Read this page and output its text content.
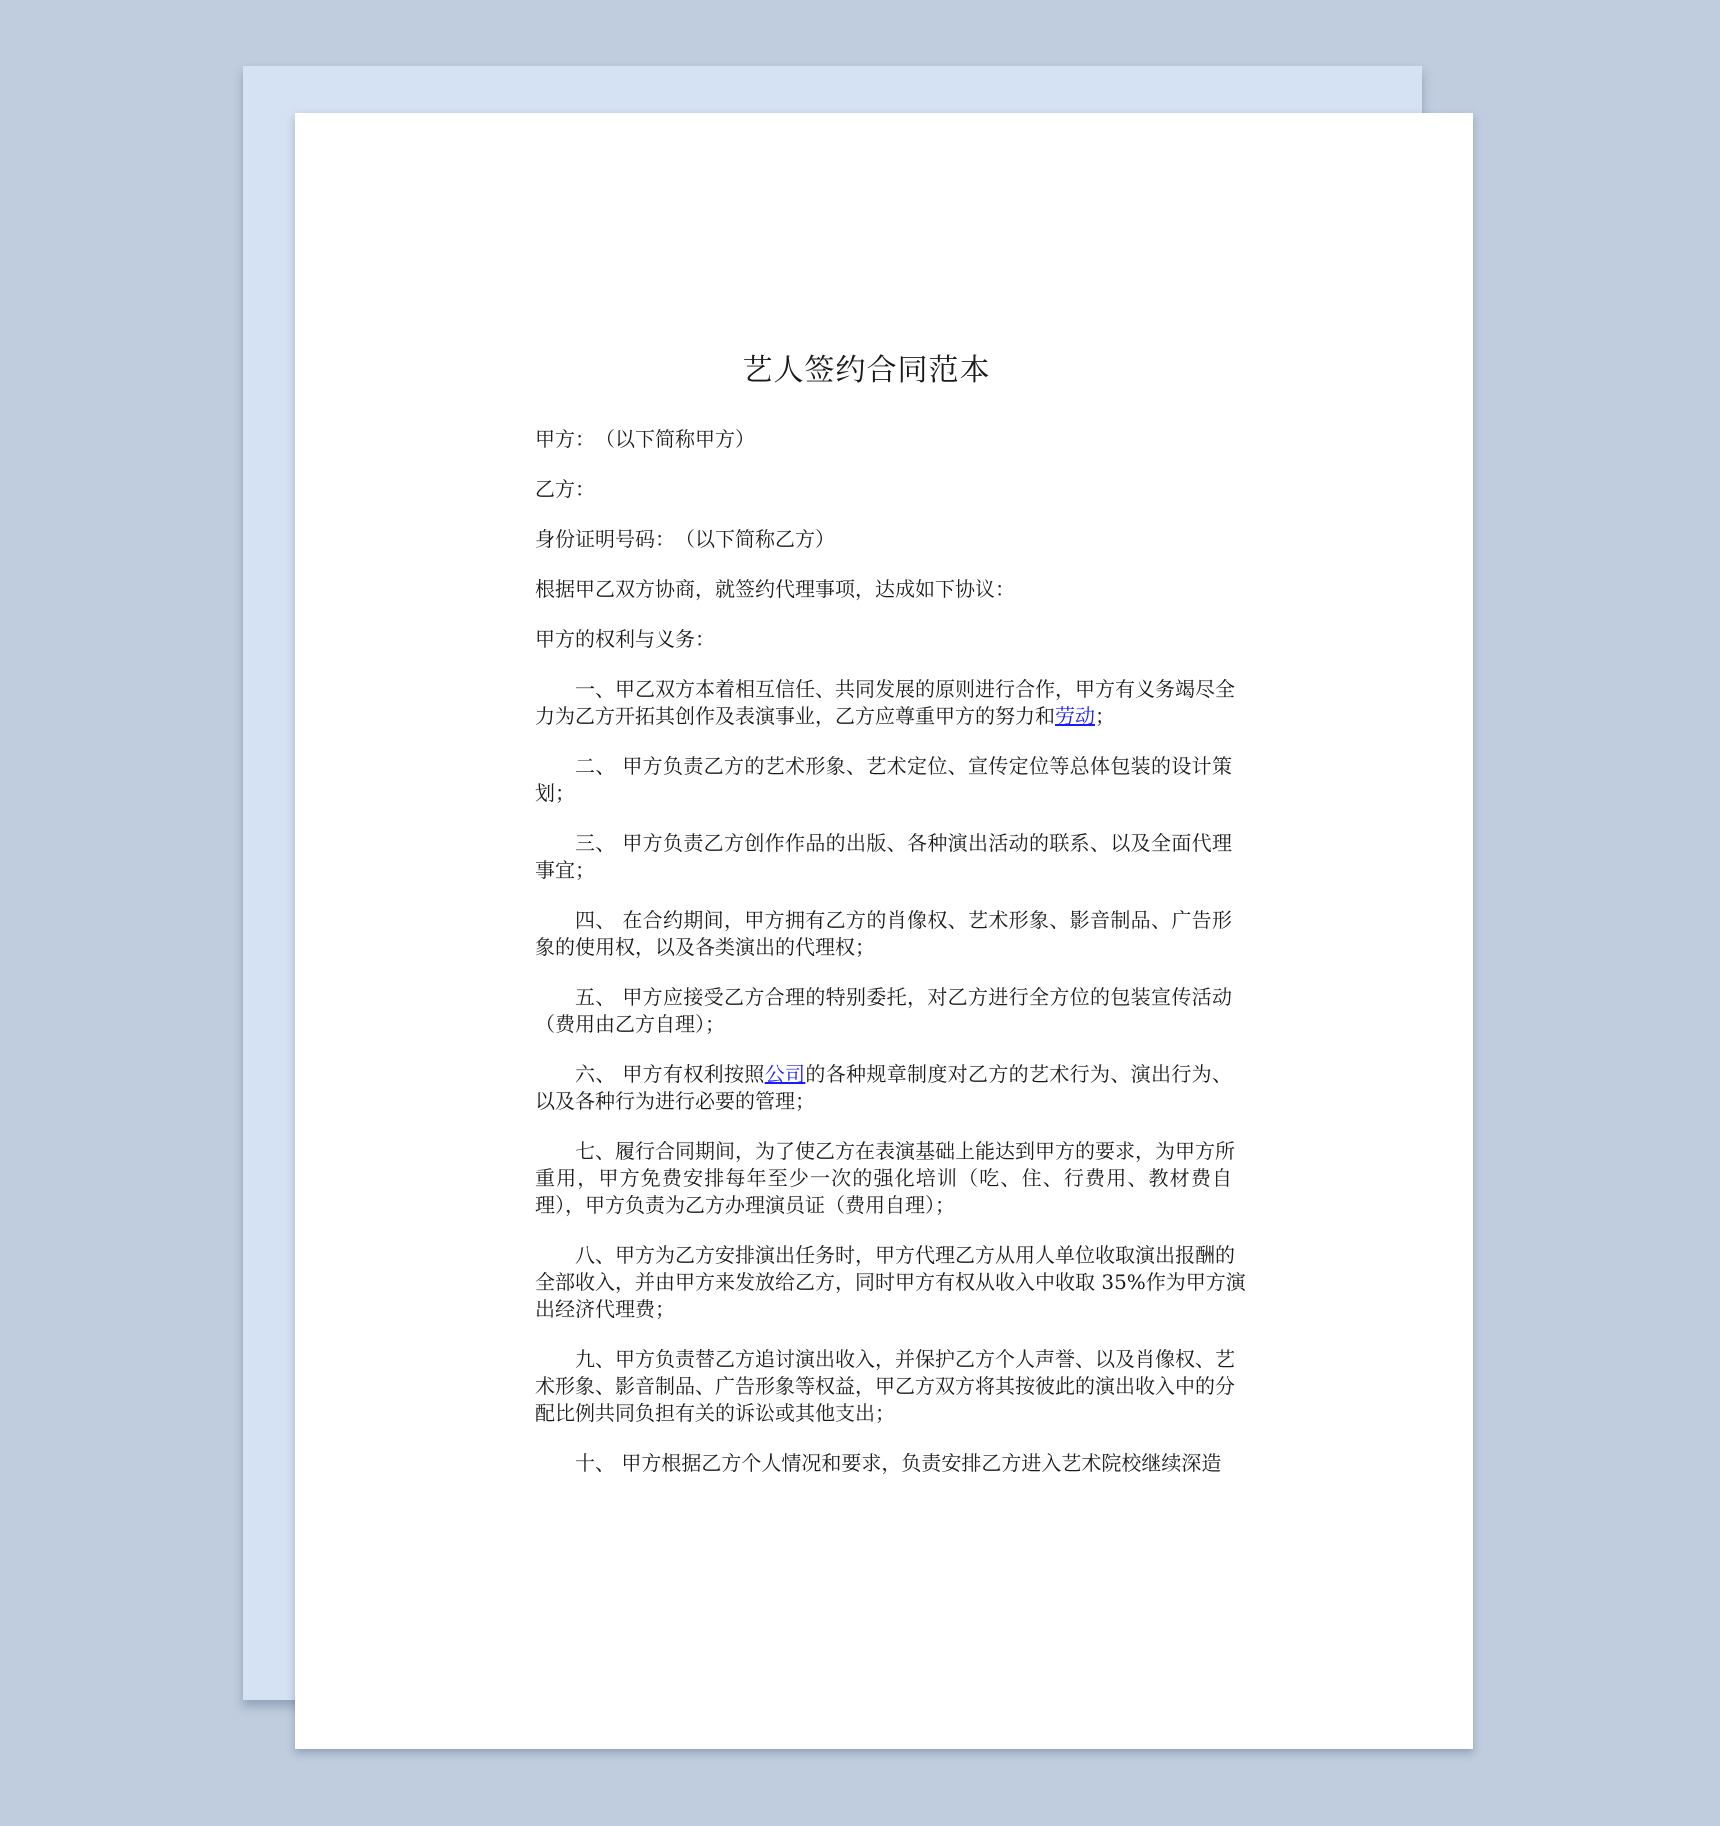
艺人签约合同范本
甲方：　（以下简称甲方）
乙方：
身份证明号码：　（以下简称乙方）
根据甲乙双方协商，就签约代理事项，达成如下协议：
甲方的权利与义务：
一、甲乙双方本着相互信任、共同发展的原则进行合作，甲方有义务竭尽全
力为乙方开拓其创作及表演事业，乙方应尊重甲方的努力和劳动；
二、 甲方负责乙方的艺术形象、艺术定位、宣传定位等总体包装的设计策
划；
三、 甲方负责乙方创作作品的出版、各种演出活动的联系、以及全面代理
事宜；
四、 在合约期间，甲方拥有乙方的肖像权、艺术形象、影音制品、广告形
象的使用权，以及各类演出的代理权；
五、 甲方应接受乙方合理的特别委托，对乙方进行全方位的包装宣传活动
（费用由乙方自理）；
六、 甲方有权利按照公司的各种规章制度对乙方的艺术行为、演出行为、
以及各种行为进行必要的管理；
七、履行合同期间，为了使乙方在表演基础上能达到甲方的要求，为甲方所
重用，甲方免费安排每年至少一次的强化培训（吃、住、行费用、教材费自
理），甲方负责为乙方办理演员证（费用自理）；
八、甲方为乙方安排演出任务时，甲方代理乙方从用人单位收取演出报酬的
全部收入，并由甲方来发放给乙方，同时甲方有权从收入中收取 35%作为甲方演
出经济代理费；
九、甲方负责替乙方追讨演出收入，并保护乙方个人声誉、以及肖像权、艺
术形象、影音制品、广告形象等权益，甲乙方双方将其按彼此的演出收入中的分
配比例共同负担有关的诉讼或其他支出；
十、 甲方根据乙方个人情况和要求，负责安排乙方进入艺术院校继续深造
